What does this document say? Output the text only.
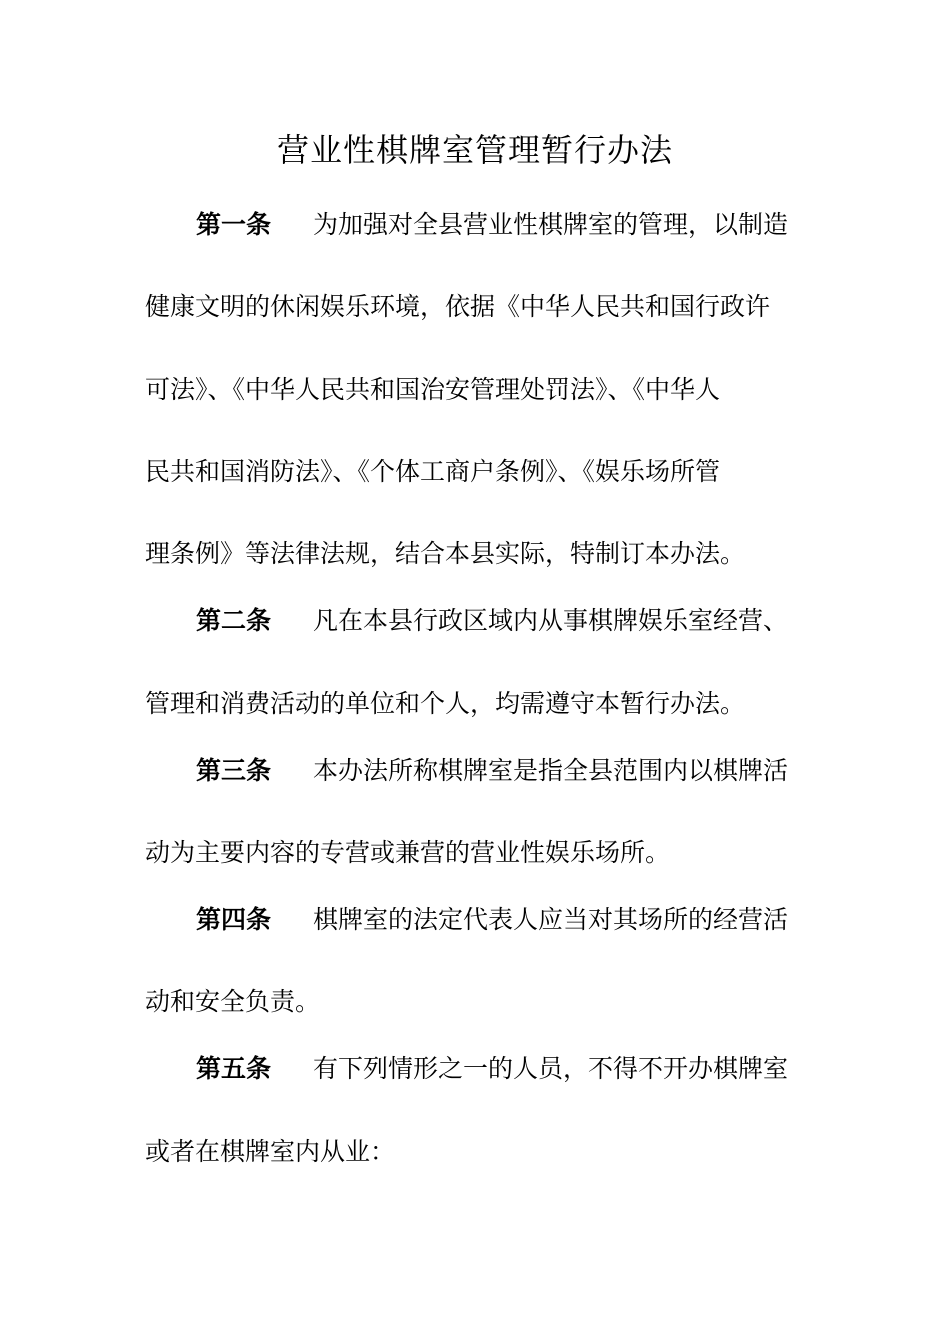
营业性棋牌室管理暂行办法

第一条 为加强对全县营业性棋牌室的管理，以制造

健康文明的休闲娱乐环境，依据《中华人民共和国行政许

可法》、《中华人民共和国治安管理处罚法》、《中华人

民共和国消防法》、《个体工商户条例》、《娱乐场所管

理条例》等法律法规，结合本县实际，特制订本办法。

第二条 凡在本县行政区域内从事棋牌娱乐室经营、

管理和消费活动的单位和个人，均需遵守本暂行办法。

第三条 本办法所称棋牌室是指全县范围内以棋牌活

动为主要内容的专营或兼营的营业性娱乐场所。

第四条 棋牌室的法定代表人应当对其场所的经营活

动和安全负责。

第五条 有下列情形之一的人员，不得不开办棋牌室

或者在棋牌室内从业：
